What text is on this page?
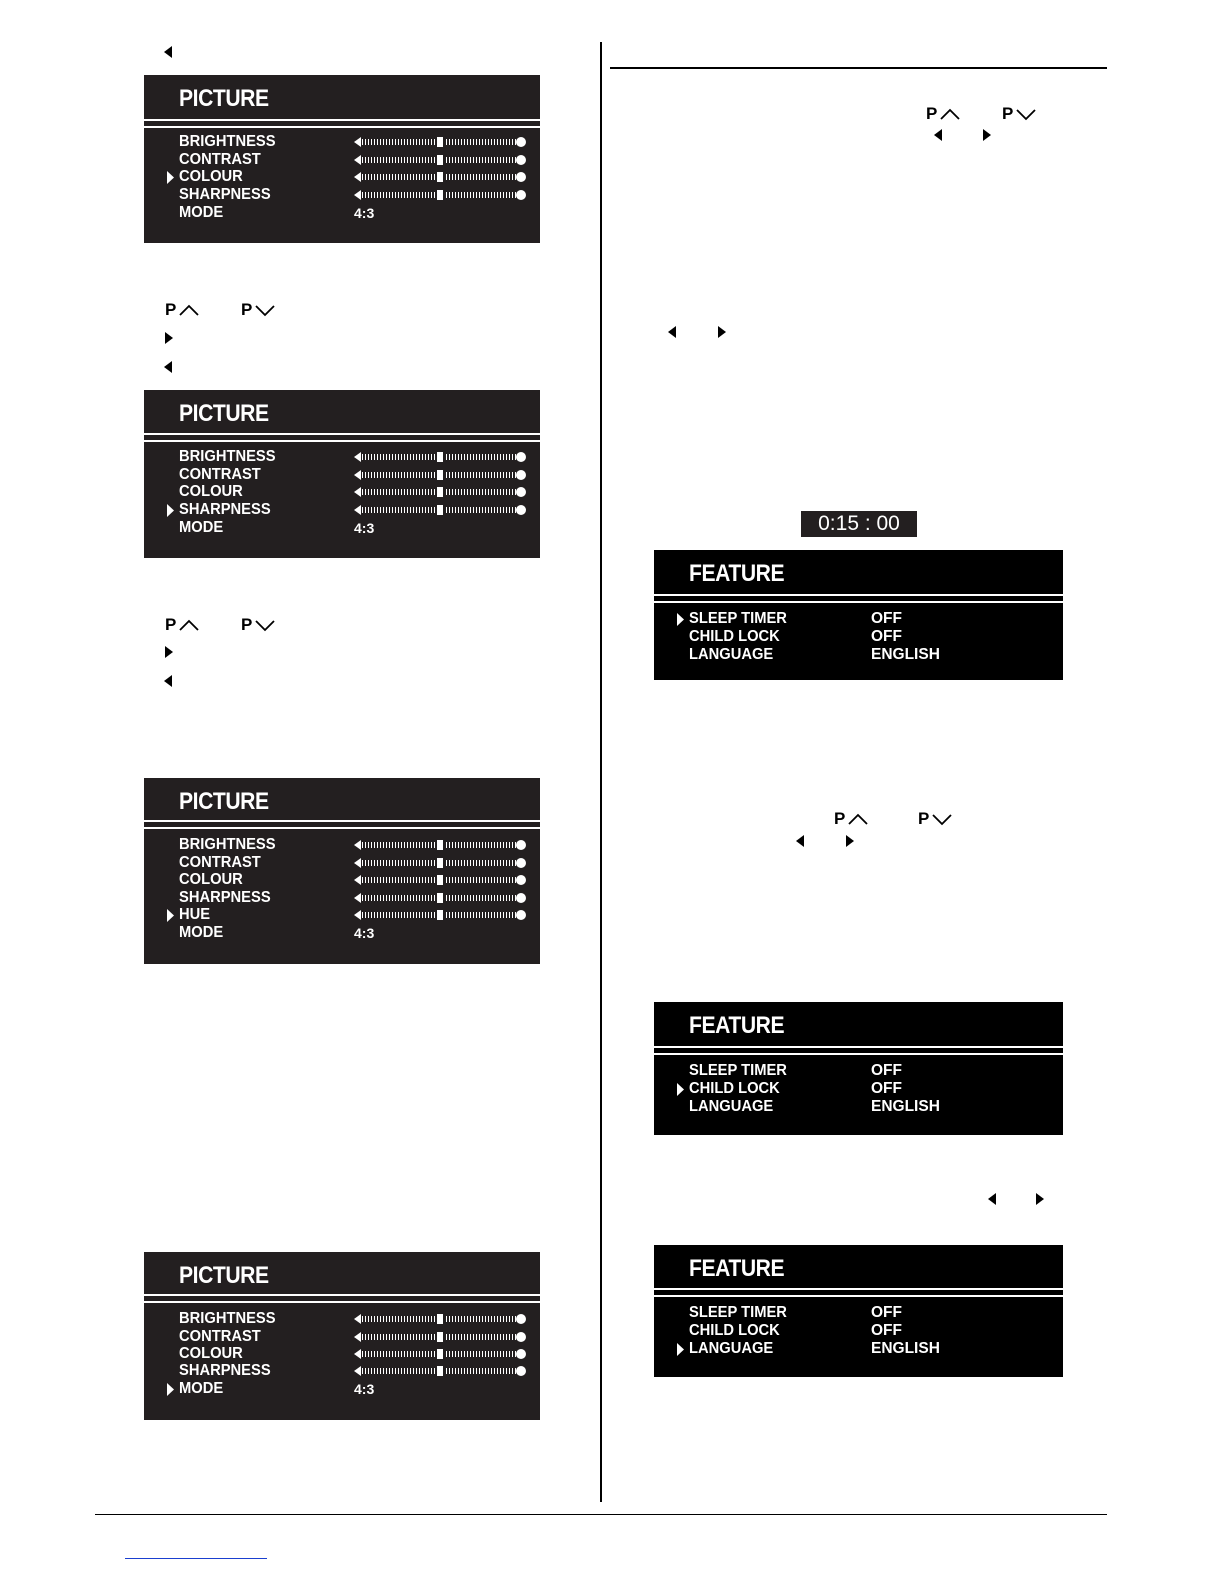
P	P
P	P
P	P
0:15 : 00
P	P
PICTURE
BRIGHTNESS
CONTRAST
COLOUR
SHARPNESS
MODE	4:3
PICTURE
BRIGHTNESS
CONTRAST
COLOUR
SHARPNESS
MODE	4:3
PICTURE
BRIGHTNESS
CONTRAST
COLOUR
SHARPNESS
HUE
MODE	4:3
PICTURE
BRIGHTNESS
CONTRAST
COLOUR
SHARPNESS
MODE	4:3
FEATURE
SLEEP TIMER	OFF
CHILD LOCK	OFF
LANGUAGE	ENGLISH
FEATURE
SLEEP TIMER	OFF
CHILD LOCK	OFF
LANGUAGE	ENGLISH
FEATURE
SLEEP TIMER	OFF
CHILD LOCK	OFF
LANGUAGE	ENGLISH
